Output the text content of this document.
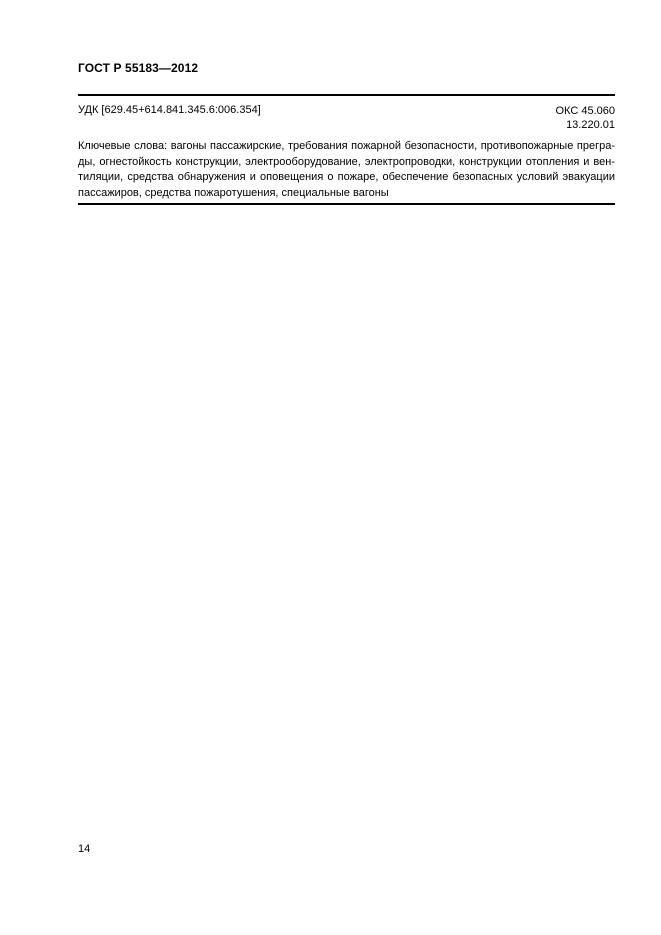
ГОСТ Р 55183—2012
УДК [629.45+614.841.345.6:006.354]	ОКС 45.060
13.220.01
Ключевые слова: вагоны пассажирские, требования пожарной безопасности, противопожарные прегра-
ды, огнестойкость конструкции, электрооборудование, электропроводки, конструкции отопления и вен-
тиляции, средства обнаружения и оповещения о пожаре, обеспечение безопасных условий эвакуации
пассажиров, средства пожаротушения, специальные вагоны
14
